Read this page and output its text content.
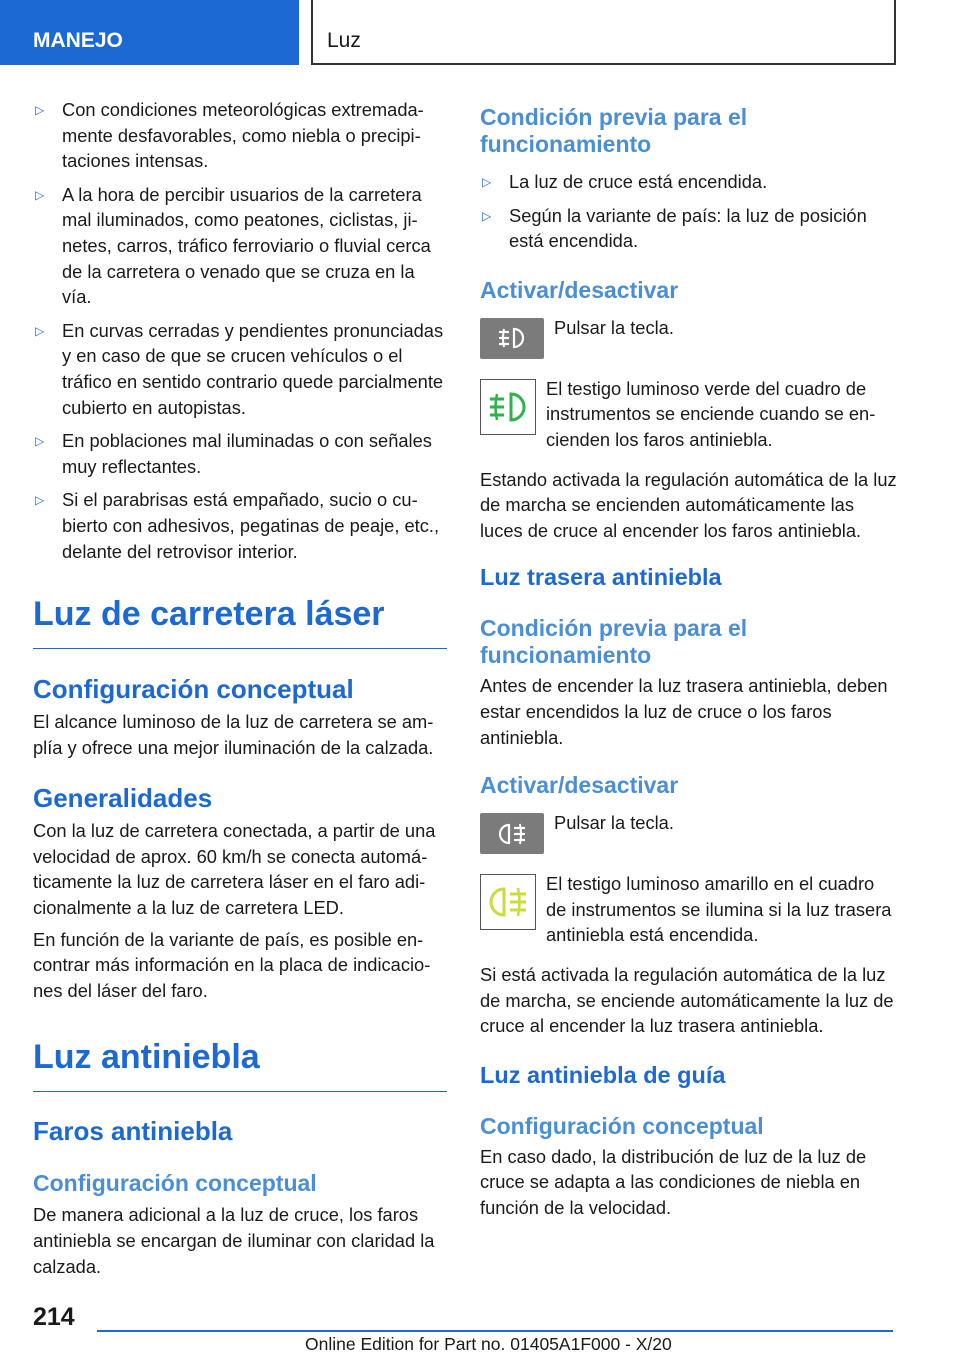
MANEJO	Luz
▷ Con condiciones meteorológicas extremadamente desfavorables, como niebla o precipitaciones intensas.
▷ A la hora de percibir usuarios de la carretera mal iluminados, como peatones, ciclistas, jinetes, carros, tráfico ferroviario o fluvial cerca de la carretera o venado que se cruza en la vía.
▷ En curvas cerradas y pendientes pronunciadas y en caso de que se crucen vehículos o el tráfico en sentido contrario quede parcialmente cubierto en autopistas.
▷ En poblaciones mal iluminadas o con señales muy reflectantes.
▷ Si el parabrisas está empañado, sucio o cubierto con adhesivos, pegatinas de peaje, etc., delante del retrovisor interior.
Luz de carretera láser
Configuración conceptual

El alcance luminoso de la luz de carretera se amplía y ofrece una mejor iluminación de la calzada.

Generalidades

Con la luz de carretera conectada, a partir de una velocidad de aprox. 60 km/h se conecta automáticamente la luz de carretera láser en el faro adicionalmente a la luz de carretera LED.

En función de la variante de país, es posible encontrar más información en la placa de indicaciones del láser del faro.

Luz antiniebla
Faros antiniebla
Configuración conceptual

De manera adicional a la luz de cruce, los faros antiniebla se encargan de iluminar con claridad la calzada.

Condición previa para el funcionamiento
▷ La luz de cruce está encendida.
▷ Según la variante de país: la luz de posición está encendida.
Activar/desactivar

Pulsar la tecla.

El testigo luminoso verde del cuadro de instrumentos se enciende cuando se encienden los faros antiniebla.

Estando activada la regulación automática de la luz de marcha se encienden automáticamente las luces de cruce al encender los faros antiniebla.

Luz trasera antiniebla
Condición previa para el funcionamiento

Antes de encender la luz trasera antiniebla, deben estar encendidos la luz de cruce o los faros antiniebla.

Activar/desactivar

Pulsar la tecla.

El testigo luminoso amarillo en el cuadro de instrumentos se ilumina si la luz trasera antiniebla está encendida.

Si está activada la regulación automática de la luz de marcha, se enciende automáticamente la luz de cruce al encender la luz trasera antiniebla.

Luz antiniebla de guía
Configuración conceptual

En caso dado, la distribución de luz de la luz de cruce se adapta a las condiciones de niebla en función de la velocidad.

214
Online Edition for Part no. 01405A1F000 - X/20
